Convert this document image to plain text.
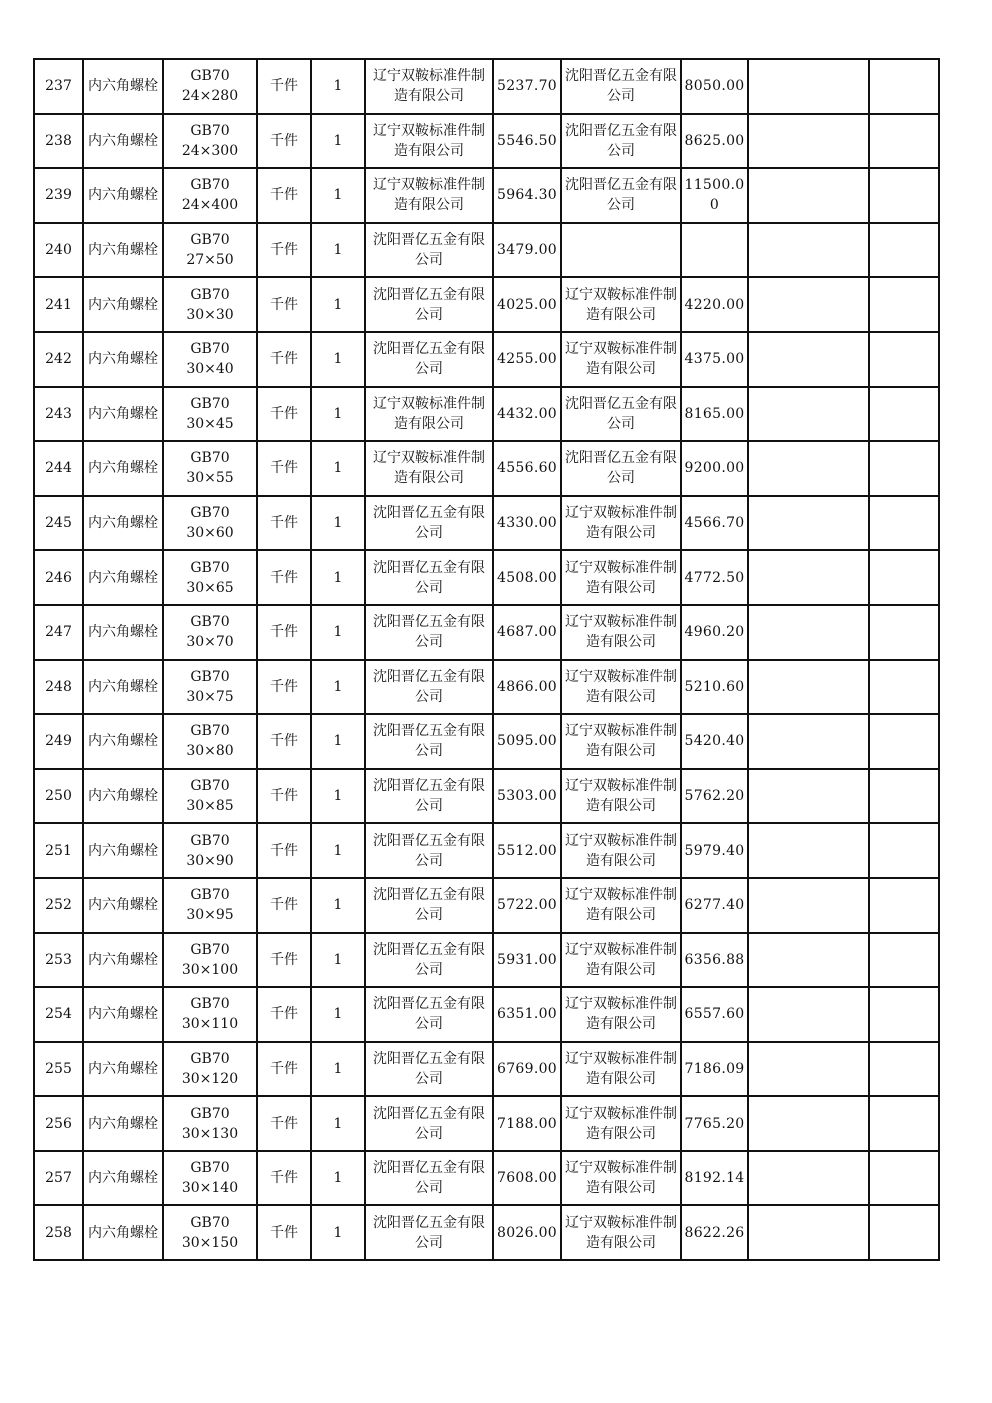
237	内六角螺栓	GB70
24×280	千件	1	辽宁双鞍标准件制造有限公司	5237.70	沈阳晋亿五金有限公司	8050.00		

238	内六角螺栓	GB70
24×300	千件	1	辽宁双鞍标准件制造有限公司	5546.50	沈阳晋亿五金有限公司	8625.00		

239	内六角螺栓	GB70
24×400	千件	1	辽宁双鞍标准件制造有限公司	5964.30	沈阳晋亿五金有限公司	11500.00		

240	内六角螺栓	GB70
27×50	千件	1	沈阳晋亿五金有限公司	3479.00				

241	内六角螺栓	GB70
30×30	千件	1	沈阳晋亿五金有限公司	4025.00	辽宁双鞍标准件制造有限公司	4220.00		

242	内六角螺栓	GB70
30×40	千件	1	沈阳晋亿五金有限公司	4255.00	辽宁双鞍标准件制造有限公司	4375.00		

243	内六角螺栓	GB70
30×45	千件	1	辽宁双鞍标准件制造有限公司	4432.00	沈阳晋亿五金有限公司	8165.00		

244	内六角螺栓	GB70
30×55	千件	1	辽宁双鞍标准件制造有限公司	4556.60	沈阳晋亿五金有限公司	9200.00		

245	内六角螺栓	GB70
30×60	千件	1	沈阳晋亿五金有限公司	4330.00	辽宁双鞍标准件制造有限公司	4566.70		

246	内六角螺栓	GB70
30×65	千件	1	沈阳晋亿五金有限公司	4508.00	辽宁双鞍标准件制造有限公司	4772.50		

247	内六角螺栓	GB70
30×70	千件	1	沈阳晋亿五金有限公司	4687.00	辽宁双鞍标准件制造有限公司	4960.20		

248	内六角螺栓	GB70
30×75	千件	1	沈阳晋亿五金有限公司	4866.00	辽宁双鞍标准件制造有限公司	5210.60		

249	内六角螺栓	GB70
30×80	千件	1	沈阳晋亿五金有限公司	5095.00	辽宁双鞍标准件制造有限公司	5420.40		

250	内六角螺栓	GB70
30×85	千件	1	沈阳晋亿五金有限公司	5303.00	辽宁双鞍标准件制造有限公司	5762.20		

251	内六角螺栓	GB70
30×90	千件	1	沈阳晋亿五金有限公司	5512.00	辽宁双鞍标准件制造有限公司	5979.40		

252	内六角螺栓	GB70
30×95	千件	1	沈阳晋亿五金有限公司	5722.00	辽宁双鞍标准件制造有限公司	6277.40		

253	内六角螺栓	GB70
30×100	千件	1	沈阳晋亿五金有限公司	5931.00	辽宁双鞍标准件制造有限公司	6356.88		

254	内六角螺栓	GB70
30×110	千件	1	沈阳晋亿五金有限公司	6351.00	辽宁双鞍标准件制造有限公司	6557.60		

255	内六角螺栓	GB70
30×120	千件	1	沈阳晋亿五金有限公司	6769.00	辽宁双鞍标准件制造有限公司	7186.09		

256	内六角螺栓	GB70
30×130	千件	1	沈阳晋亿五金有限公司	7188.00	辽宁双鞍标准件制造有限公司	7765.20		

257	内六角螺栓	GB70
30×140	千件	1	沈阳晋亿五金有限公司	7608.00	辽宁双鞍标准件制造有限公司	8192.14		

258	内六角螺栓	GB70
30×150	千件	1	沈阳晋亿五金有限公司	8026.00	辽宁双鞍标准件制造有限公司	8622.26		
